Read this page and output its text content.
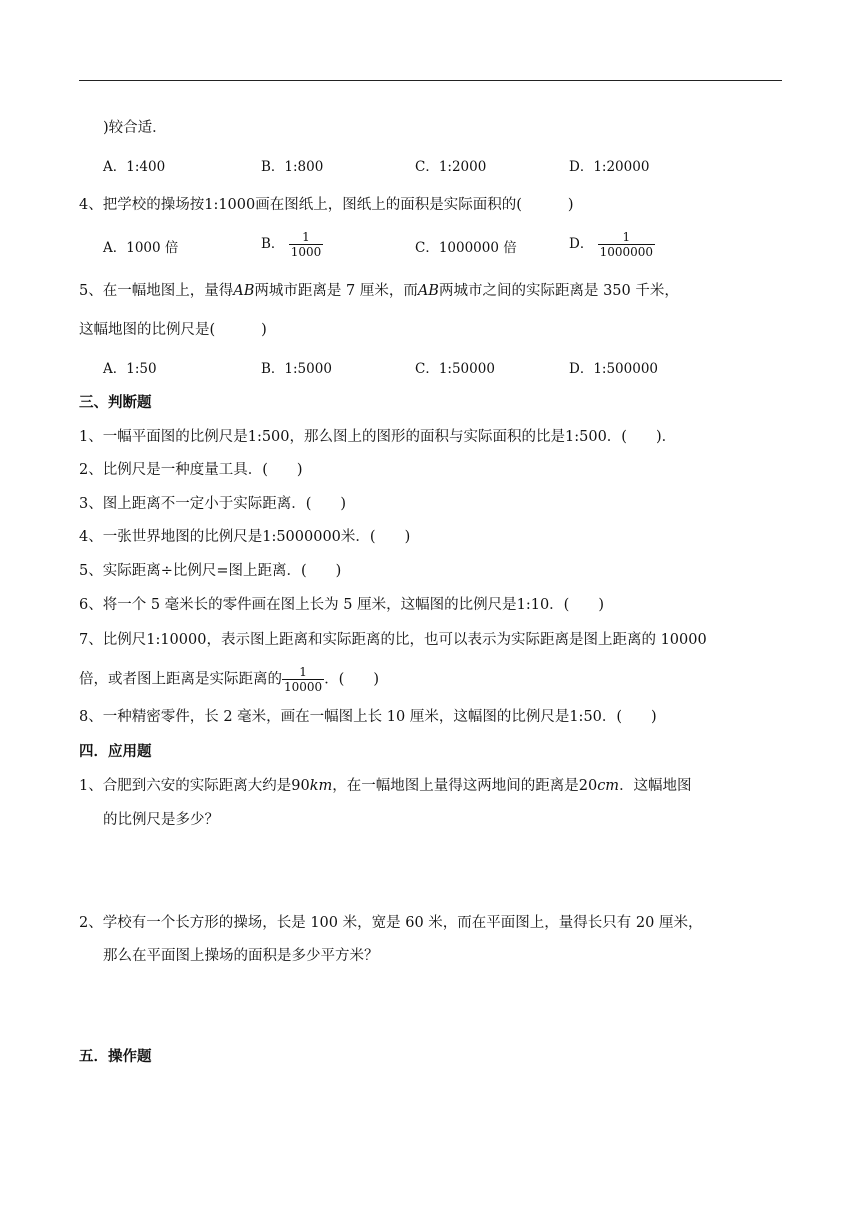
)较合适．
A．1:400	B．1:800	C．1:2000	D．1:20000
4、把学校的操场按1:1000画在图纸上，图纸上的面积是实际面积的(	)
A．1000 倍	B． $\frac{1}{1000}$	C．1000000 倍	D． $\frac{1}{1000000}$
5、在一幅地图上，量得AB两城市距离是 7 厘米，而AB两城市之间的实际距离是 350 千米，
这幅地图的比例尺是(	)
A．1:50	B．1:5000	C．1:50000	D．1:500000
三、判断题
1、一幅平面图的比例尺是1:500，那么图上的图形的面积与实际面积的比是1:500．(　　)．
2、比例尺是一种度量工具．(　　)
3、图上距离不一定小于实际距离．(　　)
4、一张世界地图的比例尺是1:5000000米．(　　)
5、实际距离÷比例尺=图上距离．(　　)
6、将一个 5 毫米长的零件画在图上长为 5 厘米，这幅图的比例尺是1:10．(　　)
7、比例尺1:10000，表示图上距离和实际距离的比，也可以表示为实际距离是图上距离的 10000
倍，或者图上距离是实际距离的 $\frac{1}{10000}$ ．(　　)
8、一种精密零件，长 2 毫米，画在一幅图上长 10 厘米，这幅图的比例尺是1:50．(　　)
四．应用题
1、合肥到六安的实际距离大约是90km，在一幅地图上量得这两地间的距离是20cm．这幅地图
的比例尺是多少？
2、学校有一个长方形的操场，长是 100 米，宽是 60 米，而在平面图上，量得长只有 20 厘米，
那么在平面图上操场的面积是多少平方米？
五．操作题
